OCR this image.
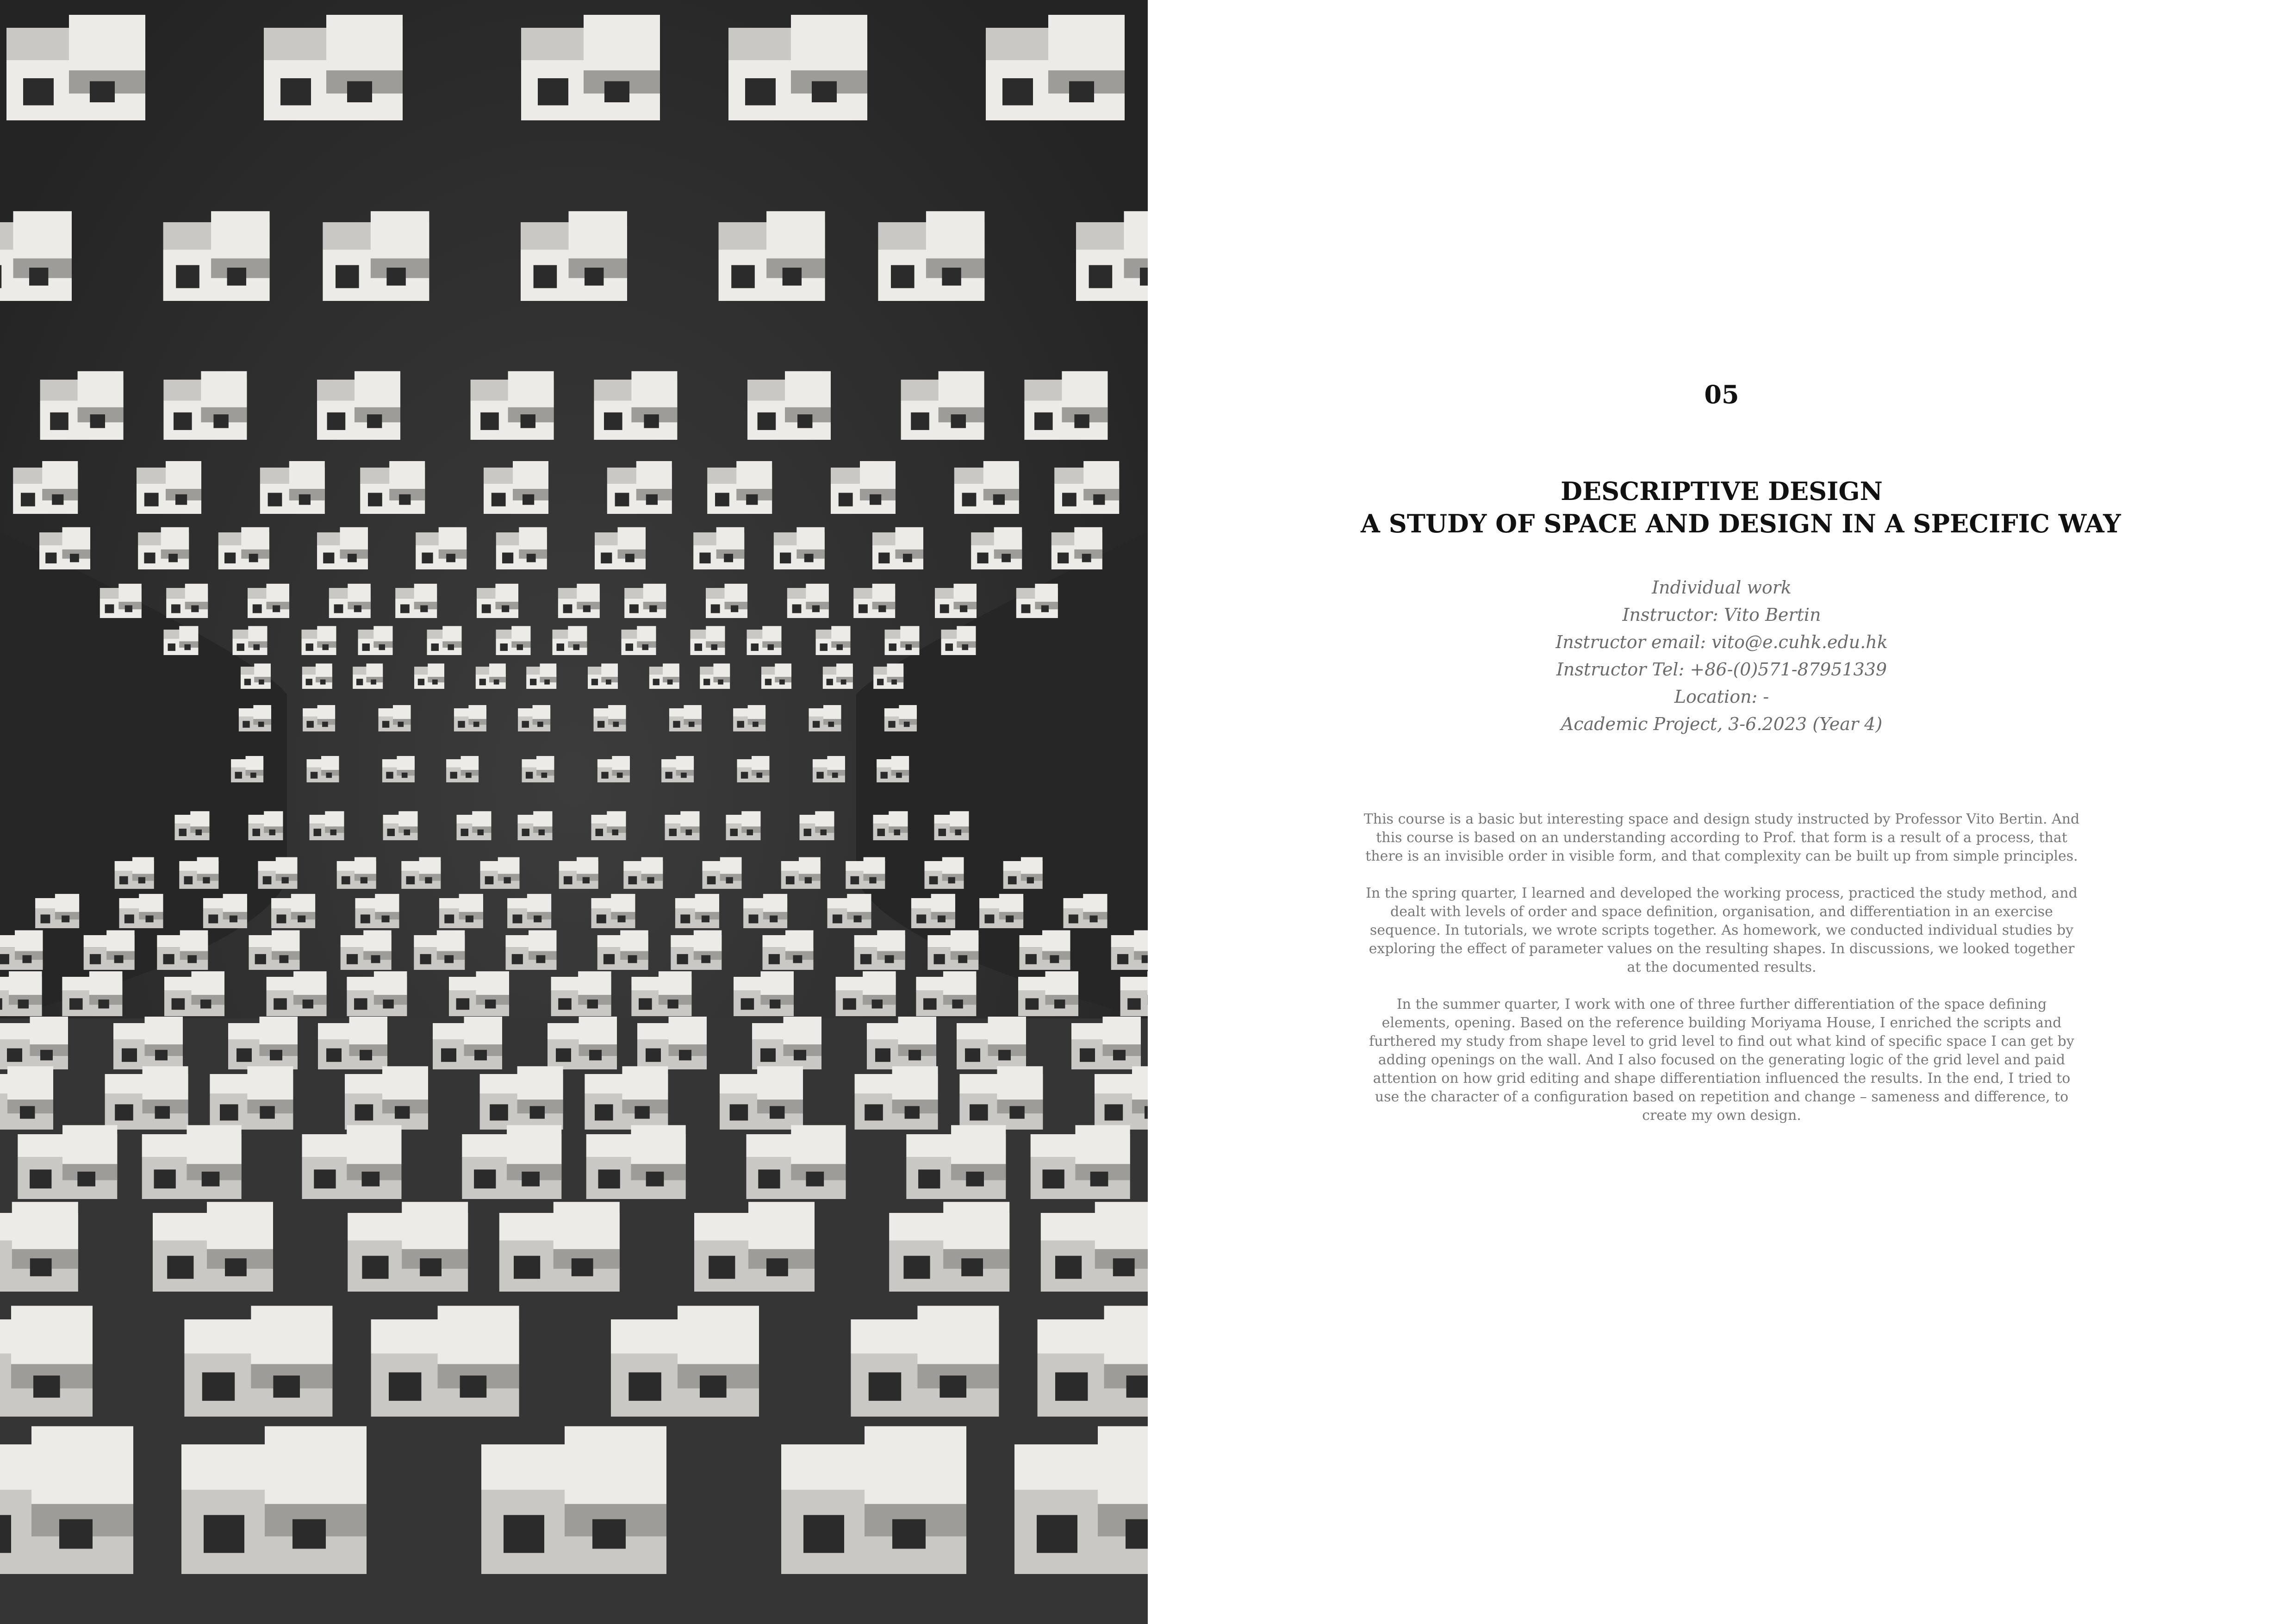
05
DESCRIPTIVE DESIGN
A STUDY OF SPACE AND DESIGN IN A SPECIFIC WAY
Individual work
Instructor: Vito Bertin
Instructor email: vito@e.cuhk.edu.hk
Instructor Tel: +86-(0)571-87951339
Location: -
Academic Project, 3-6.2023 (Year 4)

This course is a basic but interesting space and design study instructed by Professor Vito Bertin. And this course is based on an understanding according to Prof. that form is a result of a process, that there is an invisible order in visible form, and that complexity can be built up from simple principles.

In the spring quarter, I learned and developed the working process, practiced the study method, and dealt with levels of order and space definition, organisation, and differentiation in an exercise sequence. In tutorials, we wrote scripts together. As homework, we conducted individual studies by exploring the effect of parameter values on the resulting shapes. In discussions, we looked together at the documented results.

In the summer quarter, I work with one of three further differentiation of the space defining elements, opening. Based on the reference building Moriyama House, I enriched the scripts and furthered my study from shape level to grid level to find out what kind of specific space I can get by adding openings on the wall. And I also focused on the generating logic of the grid level and paid attention on how grid editing and shape differentiation influenced the results. In the end, I tried to use the character of a configuration based on repetition and change – sameness and difference, to create my own design.
